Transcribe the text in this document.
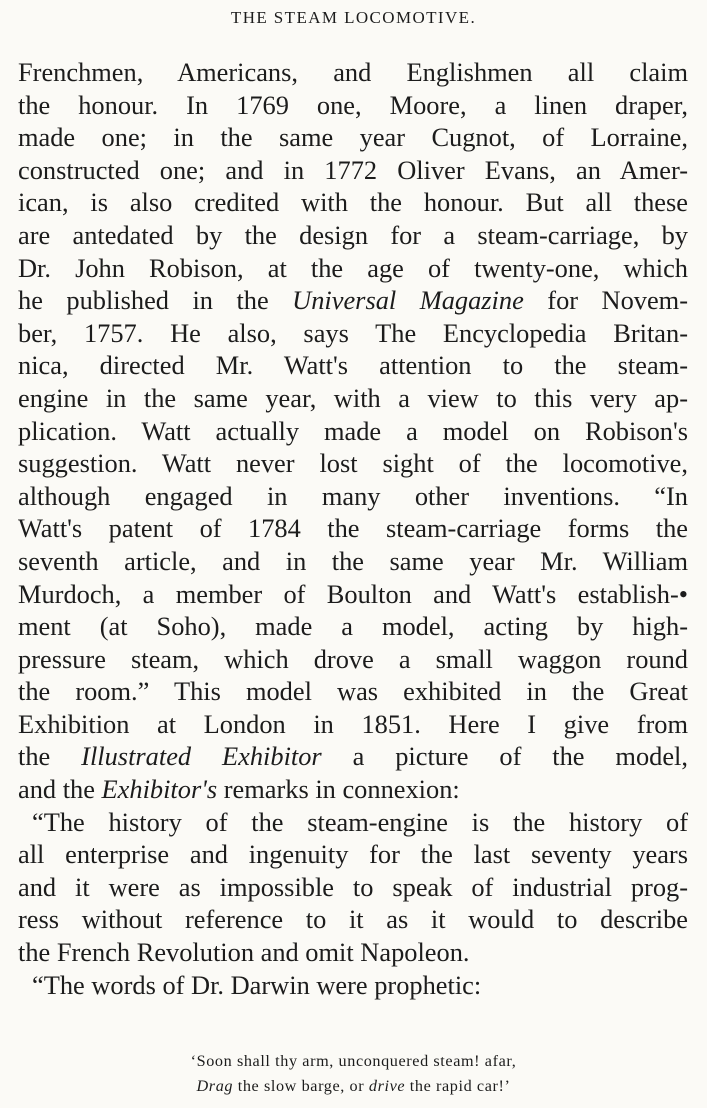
THE STEAM LOCOMOTIVE.
Frenchmen, Americans, and Englishmen all claim
the honour. In 1769 one, Moore, a linen draper,
made one; in the same year Cugnot, of Lorraine,
constructed one; and in 1772 Oliver Evans, an Amer-
ican, is also credited with the honour. But all these
are antedated by the design for a steam-carriage, by
Dr. John Robison, at the age of twenty-one, which
he published in the Universal Magazine for Novem-
ber, 1757. He also, says The Encyclopedia Britan-
nica, directed Mr. Watt's attention to the steam-
engine in the same year, with a view to this very ap-
plication. Watt actually made a model on Robison's
suggestion. Watt never lost sight of the locomotive,
although engaged in many other inventions. “In
Watt's patent of 1784 the steam-carriage forms the
seventh article, and in the same year Mr. William
Murdoch, a member of Boulton and Watt's establish-•
ment (at Soho), made a model, acting by high-
pressure steam, which drove a small waggon round
the room.” This model was exhibited in the Great
Exhibition at London in 1851. Here I give from
the Illustrated Exhibitor a picture of the model,
and the Exhibitor's remarks in connexion:
“The history of the steam-engine is the history of
all enterprise and ingenuity for the last seventy years
and it were as impossible to speak of industrial prog-
ress without reference to it as it would to describe
the French Revolution and omit Napoleon.
“The words of Dr. Darwin were prophetic:
‘Soon shall thy arm, unconquered steam! afar,
Drag the slow barge, or drive the rapid car!’
